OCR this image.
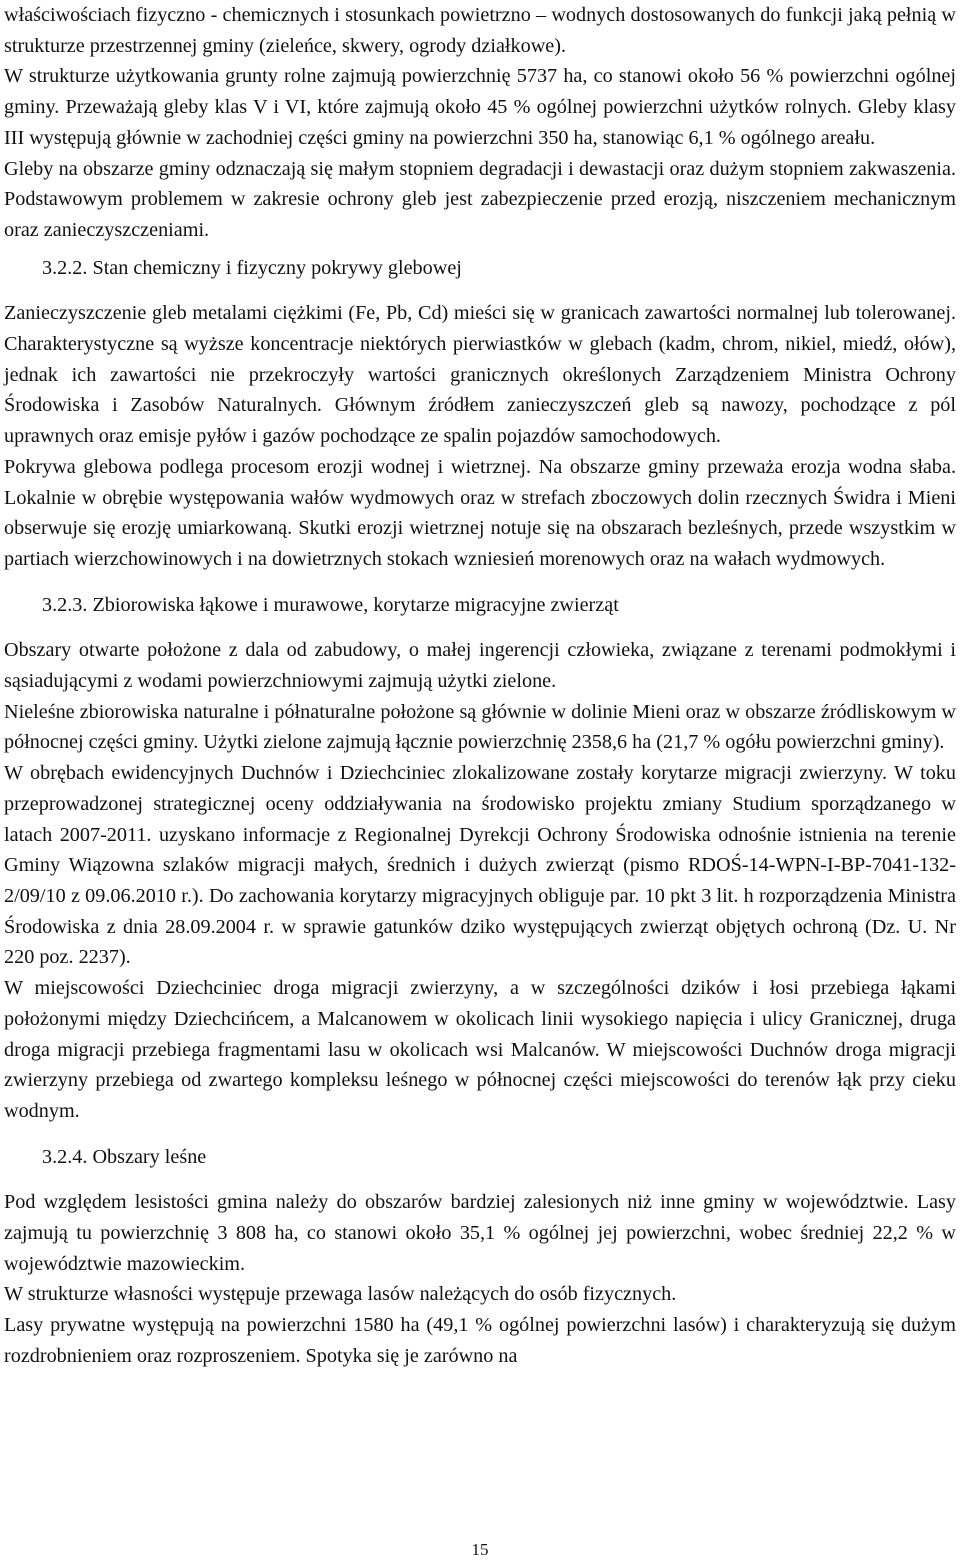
właściwościach fizyczno - chemicznych i stosunkach powietrzno – wodnych dostosowanych do funkcji jaką pełnią w strukturze przestrzennej gminy (zieleńce, skwery, ogrody działkowe).

W strukturze użytkowania grunty rolne zajmują powierzchnię 5737 ha, co stanowi około 56 % powierzchni ogólnej gminy. Przeważają gleby klas V i VI, które zajmują około 45 % ogólnej powierzchni użytków rolnych. Gleby klasy III występują głównie w zachodniej części gminy na powierzchni 350 ha, stanowiąc 6,1 % ogólnego areału.

Gleby na obszarze gminy odznaczają się małym stopniem degradacji i dewastacji oraz dużym stopniem zakwaszenia. Podstawowym problemem w zakresie ochrony gleb jest zabezpieczenie przed erozją, niszczeniem mechanicznym oraz zanieczyszczeniami.

3.2.2. Stan chemiczny i fizyczny pokrywy glebowej

Zanieczyszczenie gleb metalami ciężkimi (Fe, Pb, Cd) mieści się w granicach zawartości normalnej lub tolerowanej. Charakterystyczne są wyższe koncentracje niektórych pierwiastków w glebach (kadm, chrom, nikiel, miedź, ołów), jednak ich zawartości nie przekroczyły wartości granicznych określonych Zarządzeniem Ministra Ochrony Środowiska i Zasobów Naturalnych. Głównym źródłem zanieczyszczeń gleb są nawozy, pochodzące z pól uprawnych oraz emisje pyłów i gazów pochodzące ze spalin pojazdów samochodowych.

Pokrywa glebowa podlega procesom erozji wodnej i wietrznej. Na obszarze gminy przeważa erozja wodna słaba. Lokalnie w obrębie występowania wałów wydmowych oraz w strefach zboczowych dolin rzecznych Świdra i Mieni obserwuje się erozję umiarkowaną. Skutki erozji wietrznej notuje się na obszarach bezleśnych, przede wszystkim w partiach wierzchowinowych i na dowietrznych stokach wzniesień morenowych oraz na wałach wydmowych.

3.2.3. Zbiorowiska łąkowe i murawowe, korytarze migracyjne zwierząt

Obszary otwarte położone z dala od zabudowy, o małej ingerencji człowieka, związane z terenami podmokłymi i sąsiadującymi z wodami powierzchniowymi zajmują użytki zielone.

Nieleśne zbiorowiska naturalne i półnaturalne położone są głównie w dolinie Mieni oraz w obszarze źródliskowym w północnej części gminy. Użytki zielone zajmują łącznie powierzchnię 2358,6 ha (21,7 % ogółu powierzchni gminy).

W obrębach ewidencyjnych Duchnów i Dziechciniec zlokalizowane zostały korytarze migracji zwierzyny. W toku przeprowadzonej strategicznej oceny oddziaływania na środowisko projektu zmiany Studium sporządzanego w latach 2007-2011. uzyskano informacje z Regionalnej Dyrekcji Ochrony Środowiska odnośnie istnienia na terenie Gminy Wiązowna szlaków migracji małych, średnich i dużych zwierząt (pismo RDOŚ-14-WPN-I-BP-7041-132-2/09/10 z 09.06.2010 r.). Do zachowania korytarzy migracyjnych obliguje par. 10 pkt 3 lit. h rozporządzenia Ministra Środowiska z dnia 28.09.2004 r. w sprawie gatunków dziko występujących zwierząt objętych ochroną (Dz. U. Nr 220 poz. 2237).

W miejscowości Dziechciniec droga migracji zwierzyny, a w szczególności dzików i łosi przebiega łąkami położonymi między Dziechcińcem, a Malcanowem w okolicach linii wysokiego napięcia i ulicy Granicznej, druga droga migracji przebiega fragmentami lasu w okolicach wsi Malcanów. W miejscowości Duchnów droga migracji zwierzyny przebiega od zwartego kompleksu leśnego w północnej części miejscowości do terenów łąk przy cieku wodnym.

3.2.4. Obszary leśne

Pod względem lesistości gmina należy do obszarów bardziej zalesionych niż inne gminy w województwie. Lasy zajmują tu powierzchnię 3 808 ha, co stanowi około 35,1 % ogólnej jej powierzchni, wobec średniej 22,2 % w województwie mazowieckim.

W strukturze własności występuje przewaga lasów należących do osób fizycznych.

Lasy prywatne występują na powierzchni 1580 ha (49,1 % ogólnej powierzchni lasów) i charakteryzują się dużym rozdrobnieniem oraz rozproszeniem. Spotyka się je zarówno na

15
